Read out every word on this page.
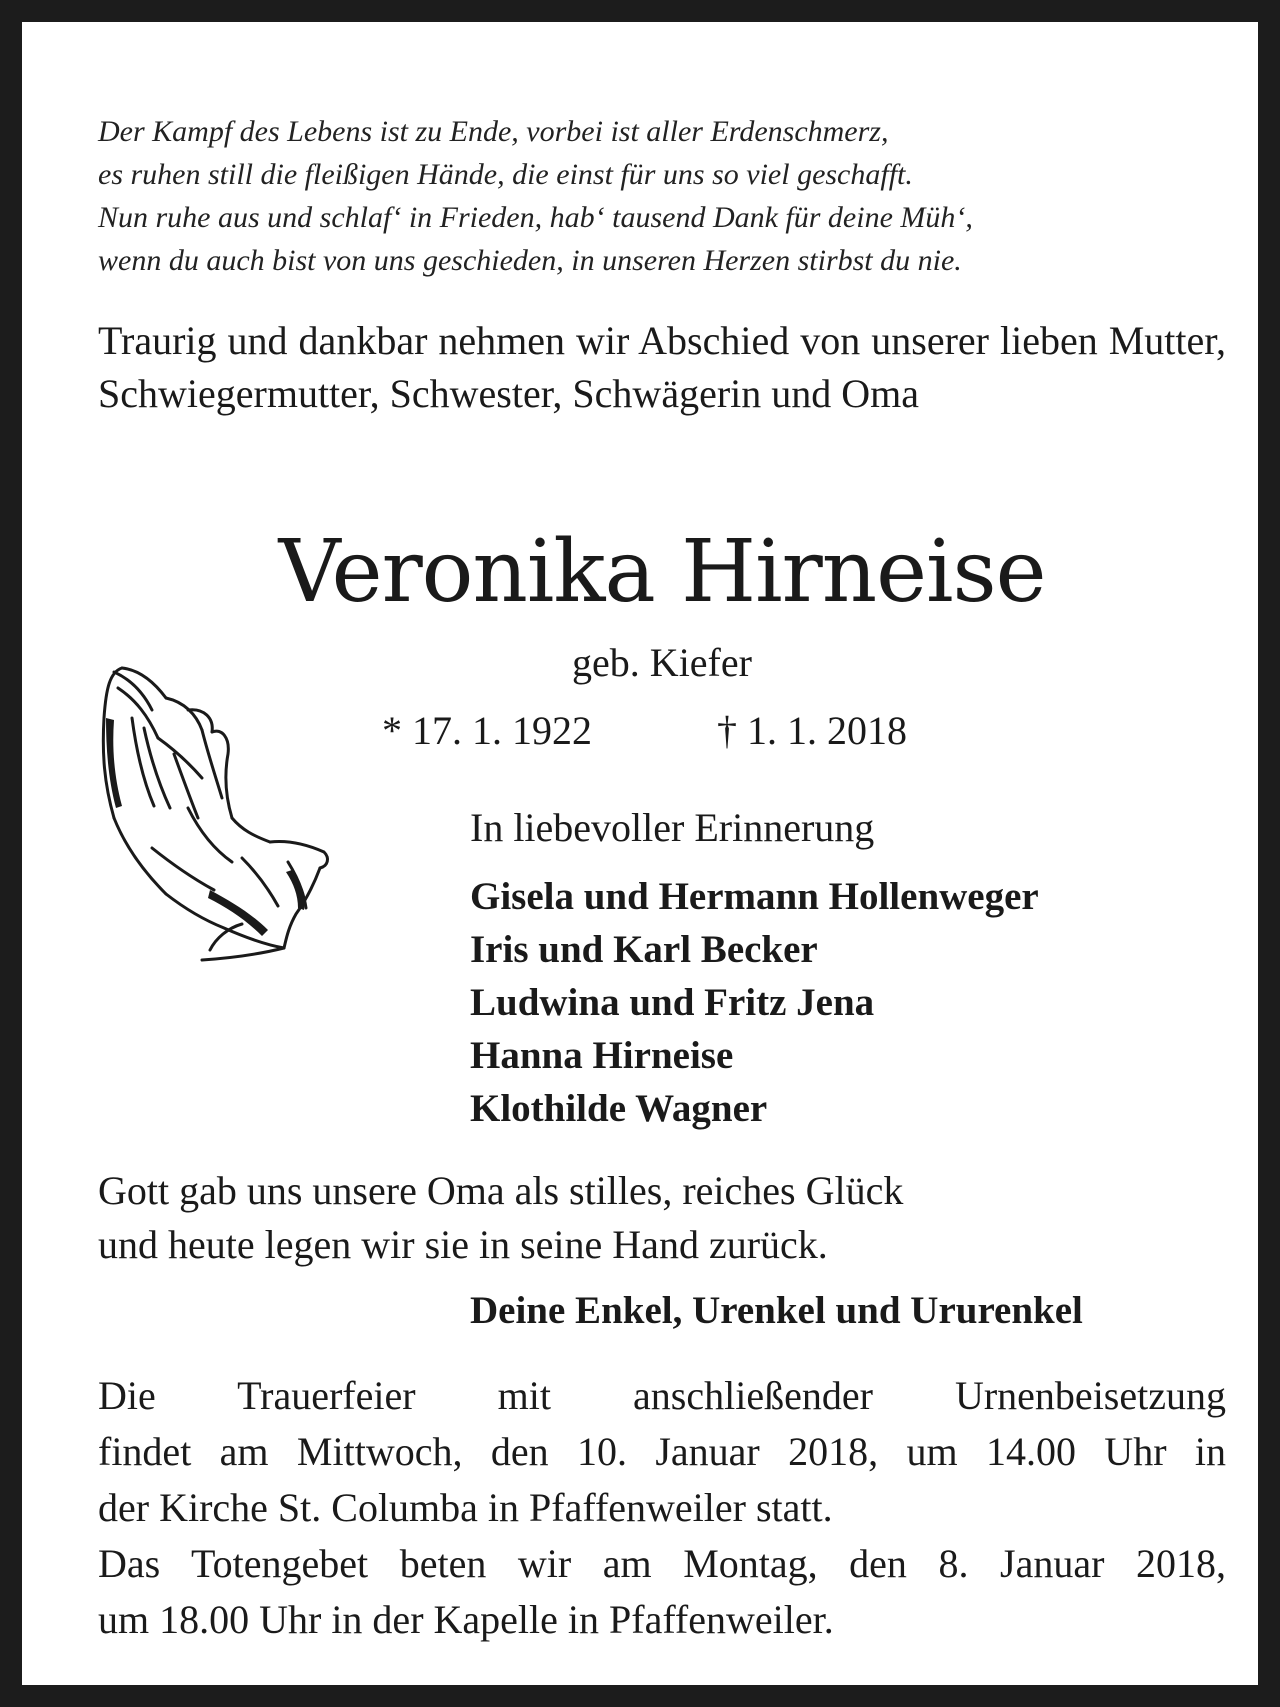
Der Kampf des Lebens ist zu Ende, vorbei ist aller Erdenschmerz,
es ruhen still die fleißigen Hände, die einst für uns so viel geschafft.
Nun ruhe aus und schlaf‘ in Frieden, hab‘ tausend Dank für deine Müh‘,
wenn du auch bist von uns geschieden, in unseren Herzen stirbst du nie.
Traurig und dankbar nehmen wir Abschied von unserer lieben Mutter, Schwiegermutter, Schwester, Schwägerin und Oma
Veronika Hirneise
geb. Kiefer
* 17. 1. 1922	† 1. 1. 2018
In liebevoller Erinnerung
Gisela und Hermann Hollenweger
Iris und Karl Becker
Ludwina und Fritz Jena
Hanna Hirneise
Klothilde Wagner
Gott gab uns unsere Oma als stilles, reiches Glück
und heute legen wir sie in seine Hand zurück.
Deine Enkel, Urenkel und Ururenkel
Die Trauerfeier mit anschließender Urnenbeisetzung
findet am Mittwoch, den 10. Januar 2018, um 14.00 Uhr in
der Kirche St. Columba in Pfaffenweiler statt.
Das Totengebet beten wir am Montag, den 8. Januar 2018,
um 18.00 Uhr in der Kapelle in Pfaffenweiler.
